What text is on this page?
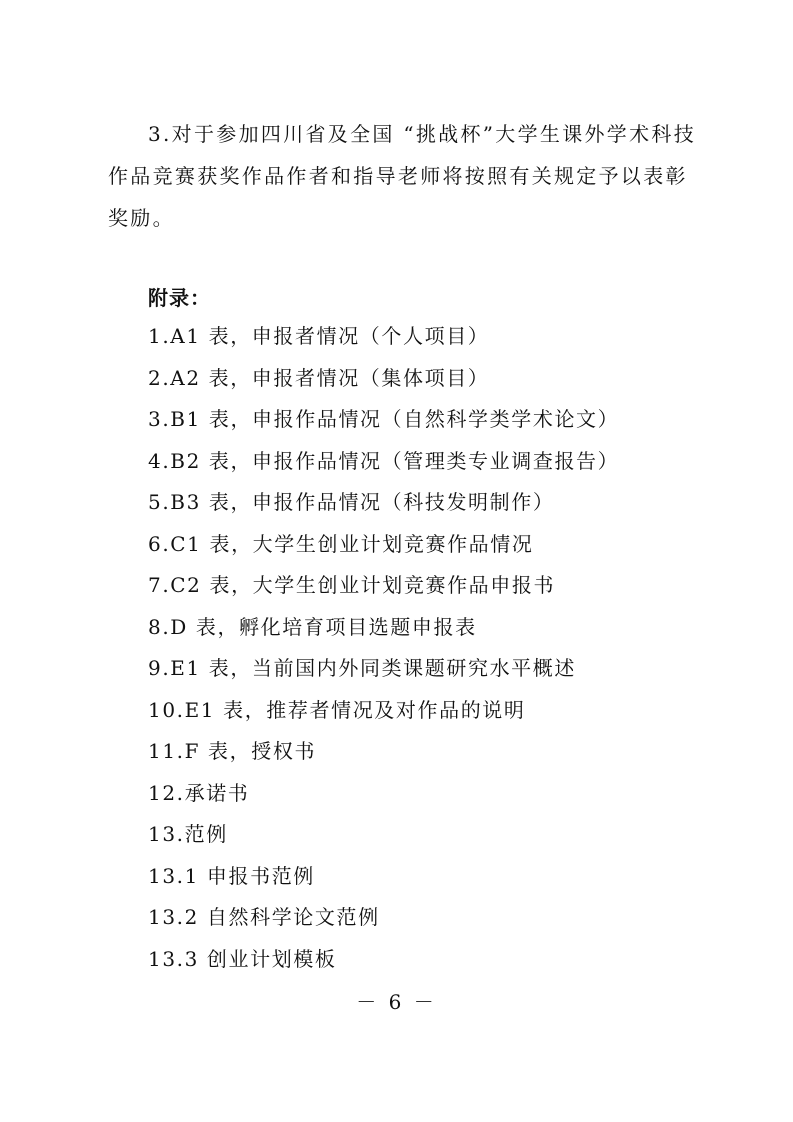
3.对于参加四川省及全国 “挑战杯”大学生课外学术科技作品竞赛获奖作品作者和指导老师将按照有关规定予以表彰奖励。

附录：

1.A1 表，申报者情况（个人项目）
2.A2 表，申报者情况（集体项目）
3.B1 表，申报作品情况（自然科学类学术论文）
4.B2 表，申报作品情况（管理类专业调查报告）
5.B3 表，申报作品情况（科技发明制作）
6.C1 表，大学生创业计划竞赛作品情况
7.C2 表，大学生创业计划竞赛作品申报书
8.D 表，孵化培育项目选题申报表
9.E1 表，当前国内外同类课题研究水平概述
10.E1 表，推荐者情况及对作品的说明
11.F 表，授权书
12.承诺书
13.范例
13.1 申报书范例
13.2 自然科学论文范例
13.3 创业计划模板

－ 6 －
